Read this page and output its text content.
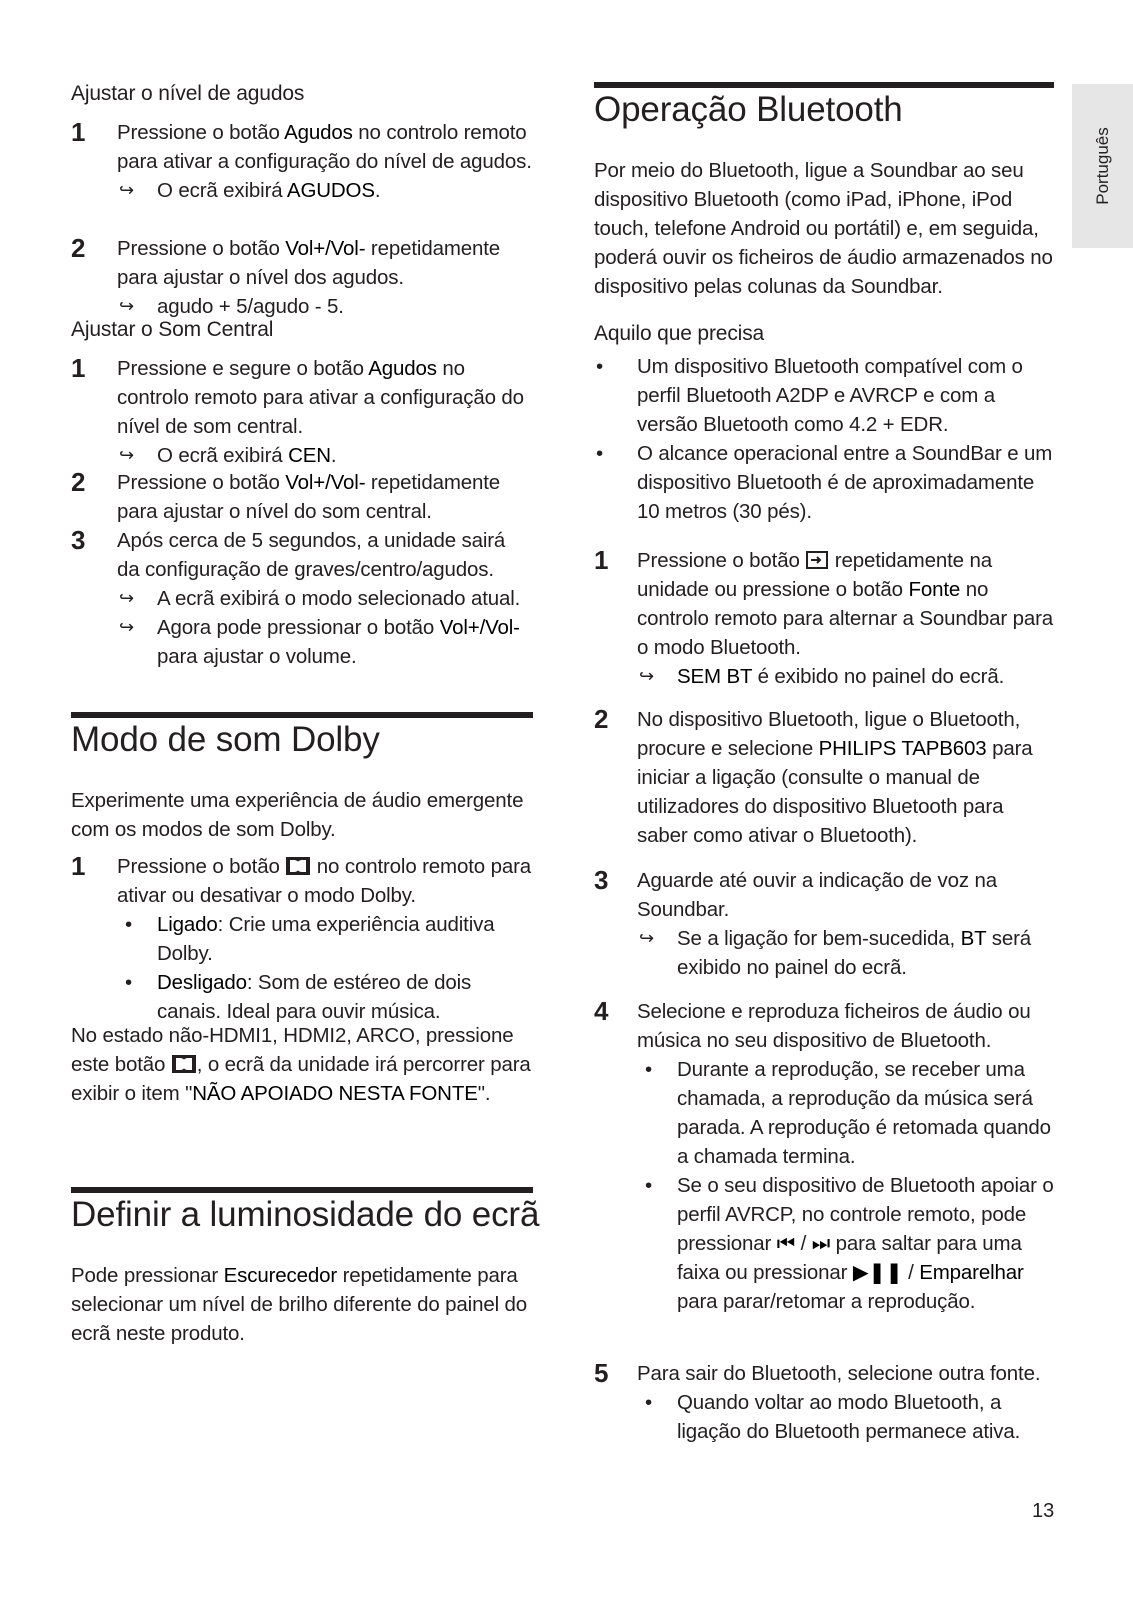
Português
Ajustar o nível de agudos
1 Pressione o botão Agudos no controlo remoto para ativar a configuração do nível de agudos.
↪ O ecrã exibirá AGUDOS.
2 Pressione o botão Vol+/Vol- repetidamente para ajustar o nível dos agudos.
↪ agudo + 5/agudo - 5.
Ajustar o Som Central
1 Pressione e segure o botão Agudos no controlo remoto para ativar a configuração do nível de som central.
↪ O ecrã exibirá CEN.
2 Pressione o botão Vol+/Vol- repetidamente para ajustar o nível do som central.
3 Após cerca de 5 segundos, a unidade sairá da configuração de graves/centro/agudos.
↪ A ecrã exibirá o modo selecionado atual.
↪ Agora pode pressionar o botão Vol+/Vol- para ajustar o volume.
Modo de som Dolby
Experimente uma experiência de áudio emergente com os modos de som Dolby.
1 Pressione o botão  no controlo remoto para ativar ou desativar o modo Dolby.
• Ligado: Crie uma experiência auditiva Dolby.
• Desligado: Som de estéreo de dois canais. Ideal para ouvir música.
No estado não-HDMI1, HDMI2, ARCO, pressione este botão , o ecrã da unidade irá percorrer para exibir o item "NÃO APOIADO NESTA FONTE".
Definir a luminosidade do ecrã
Pode pressionar Escurecedor repetidamente para selecionar um nível de brilho diferente do painel do ecrã neste produto.
Operação Bluetooth
Por meio do Bluetooth, ligue a Soundbar ao seu dispositivo Bluetooth (como iPad, iPhone, iPod touch, telefone Android ou portátil) e, em seguida, poderá ouvir os ficheiros de áudio armazenados no dispositivo pelas colunas da Soundbar.
Aquilo que precisa
• Um dispositivo Bluetooth compatível com o perfil Bluetooth A2DP e AVRCP e com a versão Bluetooth como 4.2 + EDR.
• O alcance operacional entre a SoundBar e um dispositivo Bluetooth é de aproximadamente 10 metros (30 pés).
1 Pressione o botão  repetidamente na unidade ou pressione o botão Fonte no controlo remoto para alternar a Soundbar para o modo Bluetooth.
↪ SEM BT é exibido no painel do ecrã.
2 No dispositivo Bluetooth, ligue o Bluetooth, procure e selecione PHILIPS TAPB603 para iniciar a ligação (consulte o manual de utilizadores do dispositivo Bluetooth para saber como ativar o Bluetooth).
3 Aguarde até ouvir a indicação de voz na Soundbar.
↪ Se a ligação for bem-sucedida, BT será exibido no painel do ecrã.
4 Selecione e reproduza ficheiros de áudio ou música no seu dispositivo de Bluetooth.
• Durante a reprodução, se receber uma chamada, a reprodução da música será parada. A reprodução é retomada quando a chamada termina.
• Se o seu dispositivo de Bluetooth apoiar o perfil AVRCP, no controle remoto, pode pressionar ⏮ / ⏭ para saltar para uma faixa ou pressionar ▶❚❚ / Emparelhar para parar/retomar a reprodução.
5 Para sair do Bluetooth, selecione outra fonte.
• Quando voltar ao modo Bluetooth, a ligação do Bluetooth permanece ativa.
13
